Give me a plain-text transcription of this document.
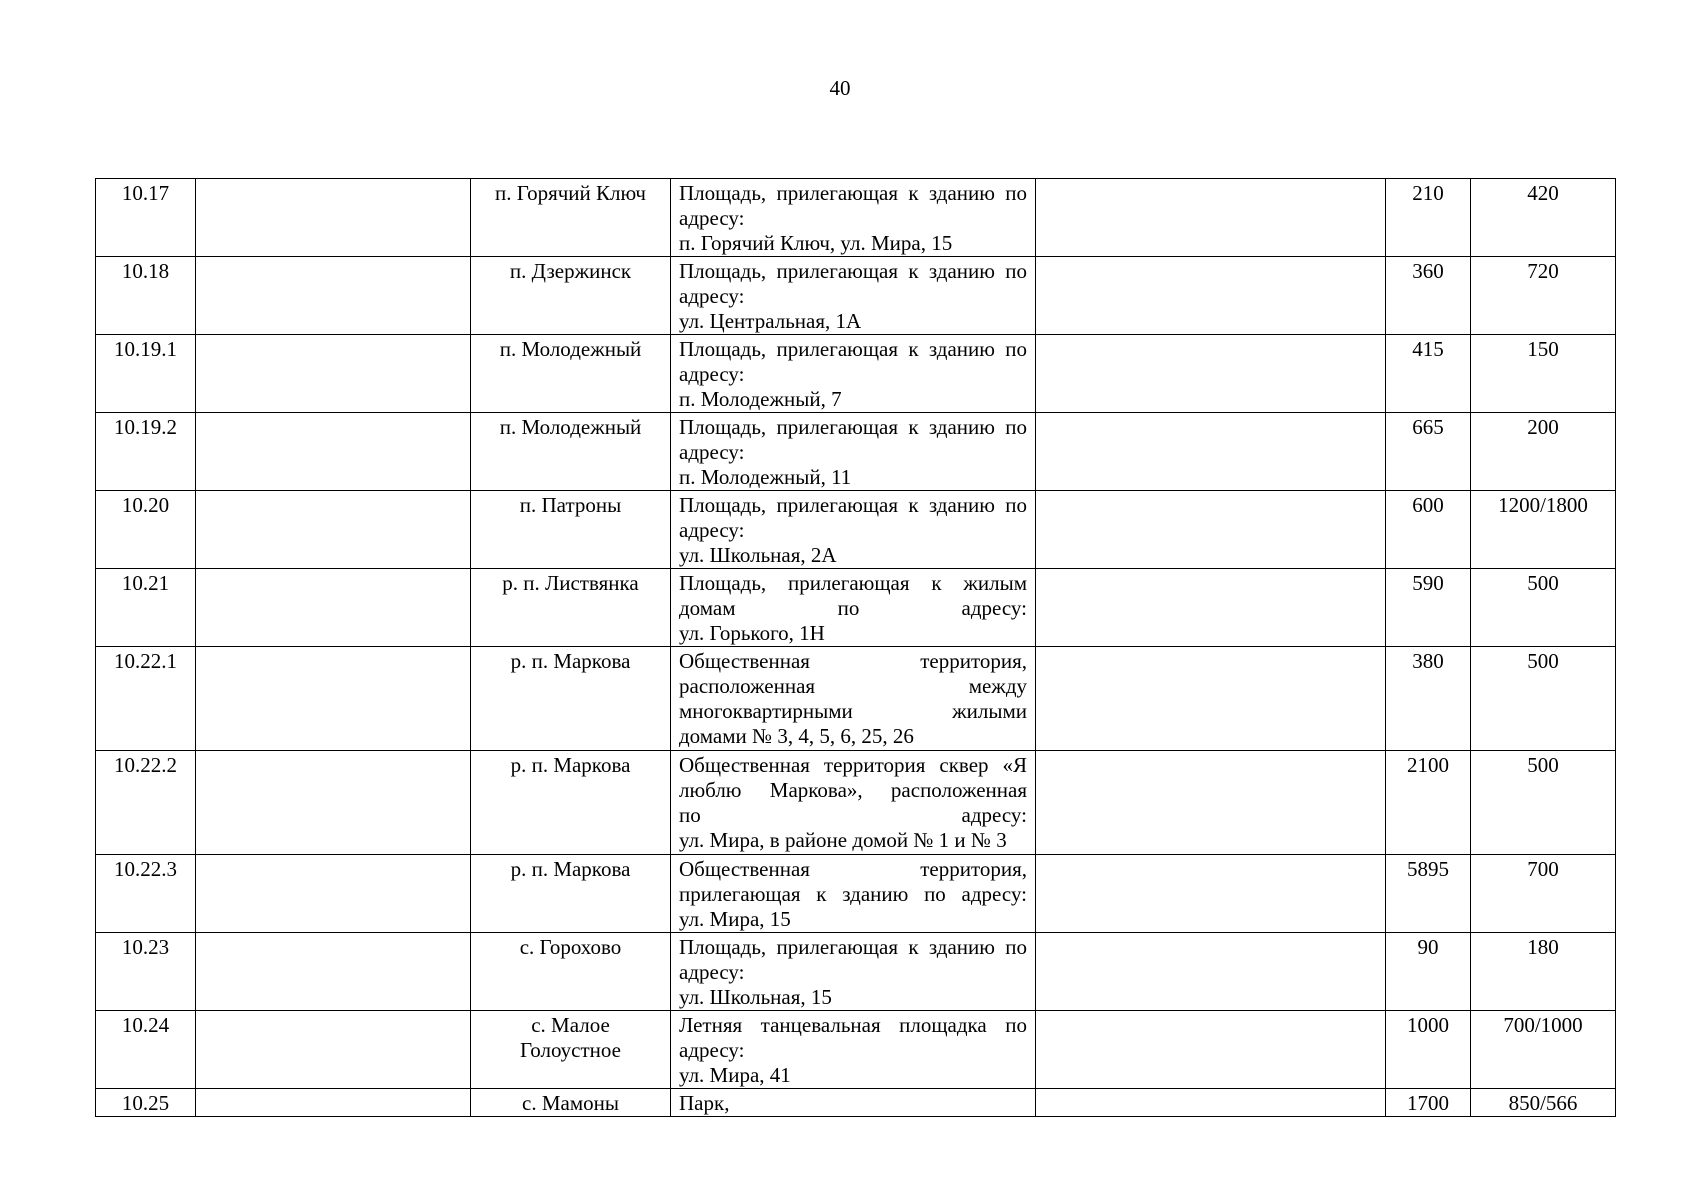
40
10.17		п. Горячий Ключ	Площадь, прилегающая к зданию по
адресу:
п. Горячий Ключ, ул. Мира, 15		210	420
10.18		п. Дзержинск	Площадь, прилегающая к зданию по
адресу:
ул. Центральная, 1А		360	720
10.19.1		п. Молодежный	Площадь, прилегающая к зданию по
адресу:
п. Молодежный, 7		415	150
10.19.2		п. Молодежный	Площадь, прилегающая к зданию по
адресу:
п. Молодежный, 11		665	200
10.20		п. Патроны	Площадь, прилегающая к зданию по
адресу:
ул. Школьная, 2А		600	1200/1800
10.21		р. п. Листвянка	Площадь, прилегающая к жилым
домам по адресу:
ул. Горького, 1Н		590	500
10.22.1		р. п. Маркова	Общественная территория,
расположенная между
многоквартирными жилыми
домами № 3, 4, 5, 6, 25, 26		380	500
10.22.2		р. п. Маркова	Общественная территория сквер «Я
люблю Маркова», расположенная
по адресу:
ул. Мира, в районе домой № 1 и № 3		2100	500
10.22.3		р. п. Маркова	Общественная территория,
прилегающая к зданию по адресу:
ул. Мира, 15		5895	700
10.23		с. Горохово	Площадь, прилегающая к зданию по
адресу:
ул. Школьная, 15		90	180
10.24		с. Малое Голоустное	Летняя танцевальная площадка по
адресу:
ул. Мира, 41		1000	700/1000
10.25		с. Мамоны	Парк,		1700	850/566
